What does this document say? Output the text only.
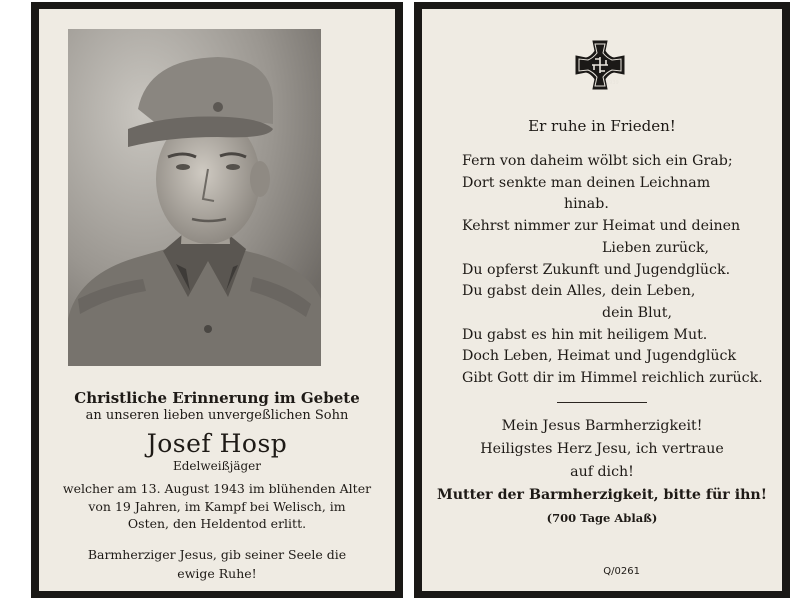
Christliche Erinnerung im Gebete

an unseren lieben unvergeßlichen Sohn

Josef Hosp

Edelweißjäger

welcher am 13. August 1943 im blühenden Alter
von 19 Jahren, im Kampf bei Welisch, im
Osten, den Heldentod erlitt.
Barmherziger Jesus, gib seiner Seele die
ewige Ruhe!
1939

Er ruhe in Frieden!

Fern von daheim wölbt sich ein Grab;
Dort senkte man deinen Leichnam
hinab.
Kehrst nimmer zur Heimat und deinen
Lieben zurück,
Du opferst Zukunft und Jugendglück.
Du gabst dein Alles, dein Leben,
dein Blut,
Du gabst es hin mit heiligem Mut.
Doch Leben, Heimat und Jugendglück
Gibt Gott dir im Himmel reichlich zurück.
Mein Jesus Barmherzigkeit!
Heiligstes Herz Jesu, ich vertraue
auf dich!
Mutter der Barmherzigkeit, bitte für ihn!
(700 Tage Ablaß)
Q/0261
